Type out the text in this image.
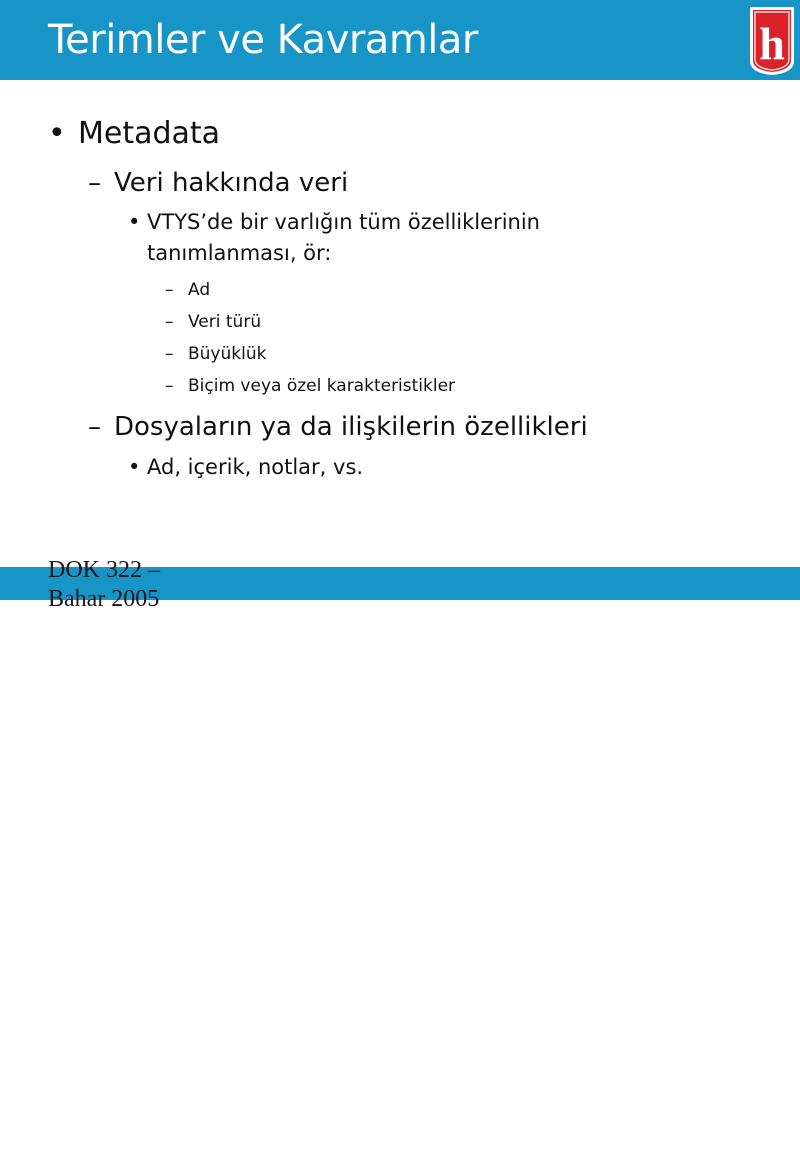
Terimler ve Kavramlar	h
• Metadata
– Veri hakkında veri
• VTYS’de bir varlığın tüm özelliklerinin
tanımlanması, ör:
– Ad
– Veri türü
– Büyüklük
– Biçim veya özel karakteristikler
– Dosyaların ya da ilişkilerin özellikleri
• Ad, içerik, notlar, vs.
2005.02.21 - SLAYT 18
DOK 322 – Bahar 2005
